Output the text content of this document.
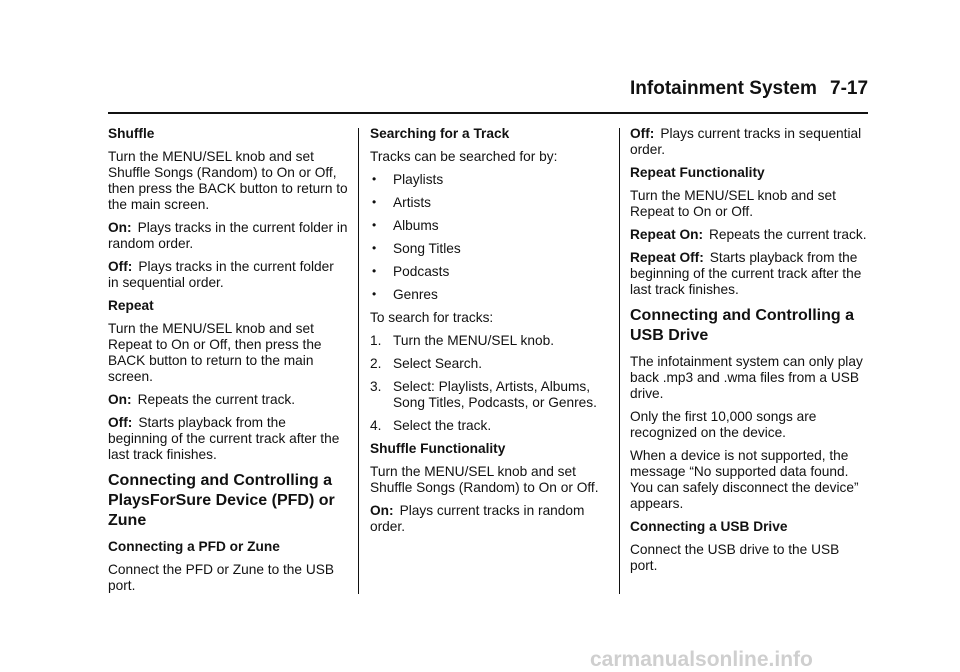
Infotainment System 7-17

Shuffle

Turn the MENU/SEL knob and set Shuffle Songs (Random) to On or Off, then press the BACK button to return to the main screen.

On: Plays tracks in the current folder in random order.

Off: Plays tracks in the current folder in sequential order.

Repeat

Turn the MENU/SEL knob and set Repeat to On or Off, then press the BACK button to return to the main screen.

On: Repeats the current track.

Off: Starts playback from the beginning of the current track after the last track finishes.

Connecting and Controlling a PlaysForSure Device (PFD) or Zune

Connecting a PFD or Zune

Connect the PFD or Zune to the USB port.

Searching for a Track

Tracks can be searched for by:

• Playlists
• Artists
• Albums
• Song Titles
• Podcasts
• Genres

To search for tracks:

1. Turn the MENU/SEL knob.
2. Select Search.
3. Select: Playlists, Artists, Albums, Song Titles, Podcasts, or Genres.
4. Select the track.

Shuffle Functionality

Turn the MENU/SEL knob and set Shuffle Songs (Random) to On or Off.

On: Plays current tracks in random order.

Off: Plays current tracks in sequential order.

Repeat Functionality

Turn the MENU/SEL knob and set Repeat to On or Off.

Repeat On: Repeats the current track.

Repeat Off: Starts playback from the beginning of the current track after the last track finishes.

Connecting and Controlling a USB Drive

The infotainment system can only play back .mp3 and .wma files from a USB drive.

Only the first 10,000 songs are recognized on the device.

When a device is not supported, the message “No supported data found. You can safely disconnect the device” appears.

Connecting a USB Drive

Connect the USB drive to the USB port.

carmanualsonline.info
